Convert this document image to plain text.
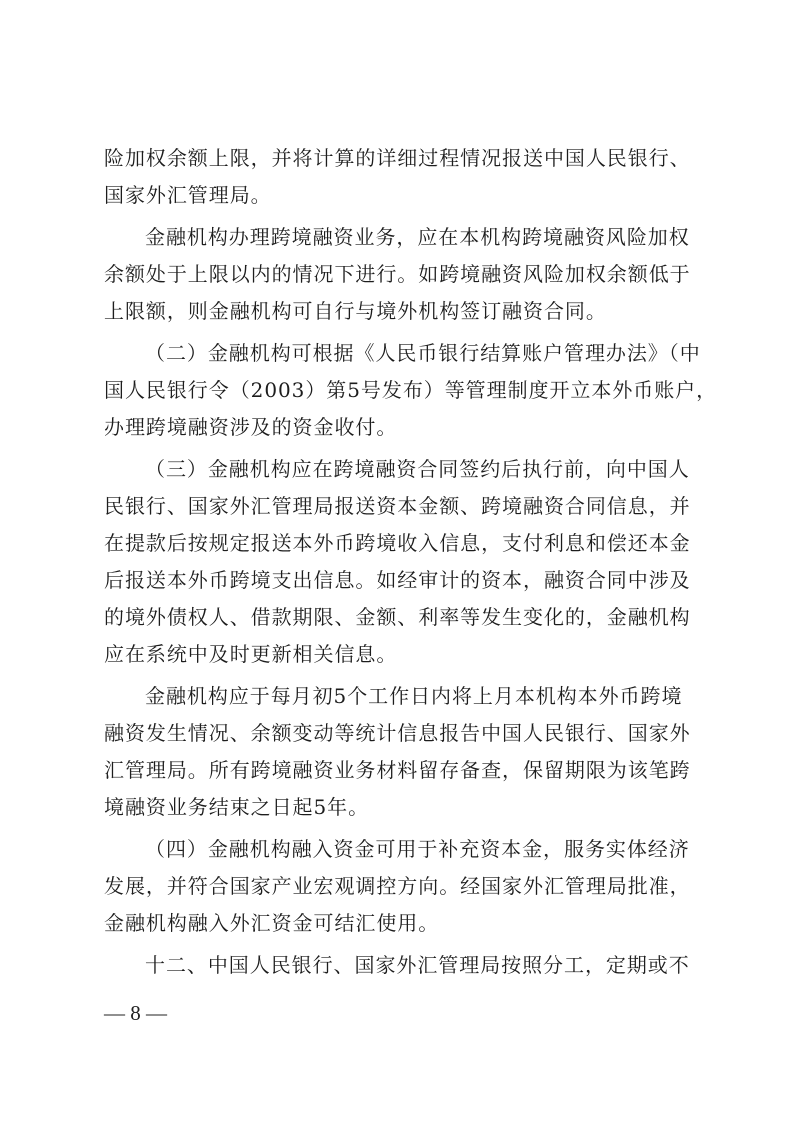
险加权余额上限，并将计算的详细过程情况报送中国人民银行、
国家外汇管理局。
金融机构办理跨境融资业务，应在本机构跨境融资风险加权
余额处于上限以内的情况下进行。如跨境融资风险加权余额低于
上限额，则金融机构可自行与境外机构签订融资合同。
（二）金融机构可根据《人民币银行结算账户管理办法》（中
国人民银行令（2003）第5号发布）等管理制度开立本外币账户，
办理跨境融资涉及的资金收付。
（三）金融机构应在跨境融资合同签约后执行前，向中国人
民银行、国家外汇管理局报送资本金额、跨境融资合同信息，并
在提款后按规定报送本外币跨境收入信息，支付利息和偿还本金
后报送本外币跨境支出信息。如经审计的资本，融资合同中涉及
的境外债权人、借款期限、金额、利率等发生变化的，金融机构
应在系统中及时更新相关信息。
金融机构应于每月初5个工作日内将上月本机构本外币跨境
融资发生情况、余额变动等统计信息报告中国人民银行、国家外
汇管理局。所有跨境融资业务材料留存备查，保留期限为该笔跨
境融资业务结束之日起5年。
（四）金融机构融入资金可用于补充资本金，服务实体经济
发展，并符合国家产业宏观调控方向。经国家外汇管理局批准，
金融机构融入外汇资金可结汇使用。
十二、中国人民银行、国家外汇管理局按照分工，定期或不
— 8 —
